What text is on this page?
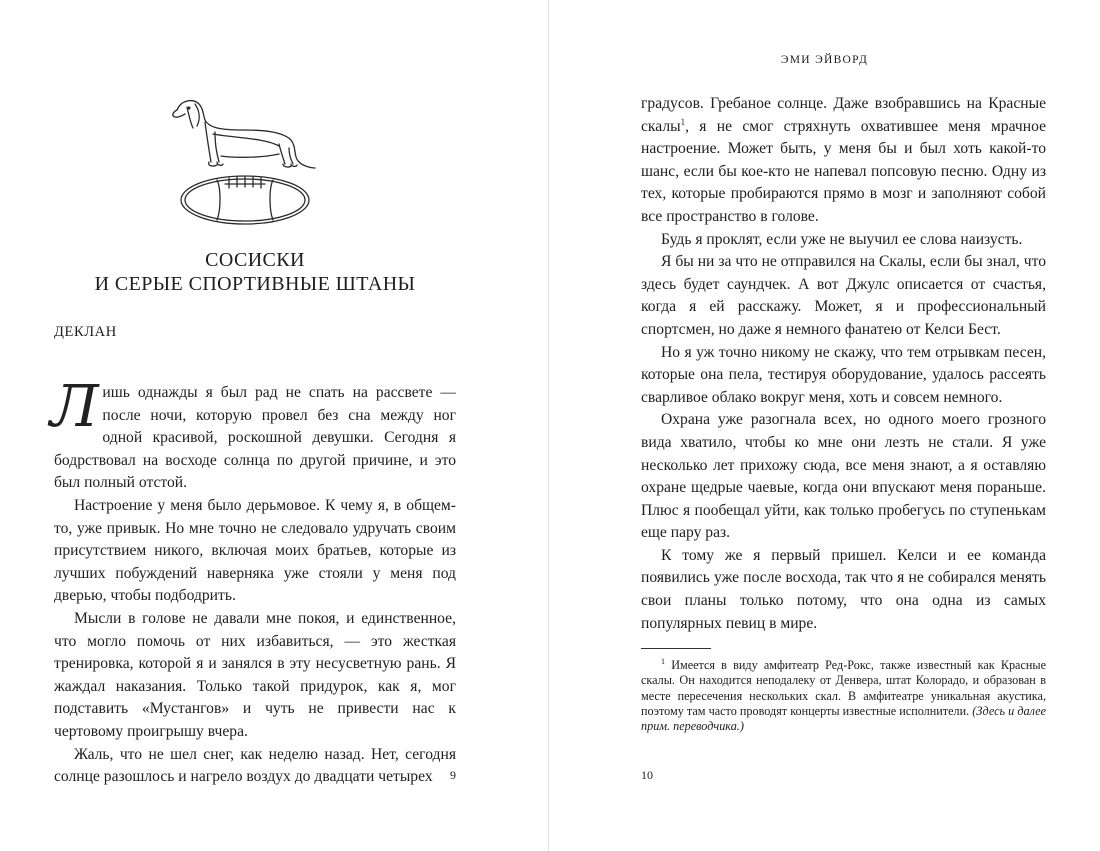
СОСИСКИ
И СЕРЫЕ СПОРТИВНЫЕ ШТАНЫ
ДЕКЛАН

Лишь однажды я был рад не спать на рассвете — после ночи, которую провел без сна между ног одной красивой, роскошной девушки. Сегодня я бодрствовал на восходе солнца по другой причине, и это был полный отстой.

Настроение у меня было дерьмовое. К чему я, в общем-то, уже привык. Но мне точно не следовало удручать своим присутствием никого, включая моих братьев, которые из лучших побуждений наверняка уже стояли у меня под дверью, чтобы подбодрить.

Мысли в голове не давали мне покоя, и единственное, что могло помочь от них избавиться, — это жесткая тренировка, которой я и занялся в эту несусветную рань. Я жаждал наказания. Только такой придурок, как я, мог подставить «Мустангов» и чуть не привести нас к чертовому проигрышу вчера.

Жаль, что не шел снег, как неделю назад. Нет, сегодня солнце разошлось и нагрело воздух до двадцати четырех	9
ЭМИ ЭЙВОРД

градусов. Гребаное солнце. Даже взобравшись на Красные скалы$^1$, я не смог стряхнуть охватившее меня мрачное настроение. Может быть, у меня бы и был хоть какой-то шанс, если бы кое-кто не напевал попсовую песню. Одну из тех, которые пробираются прямо в мозг и заполняют собой все пространство в голове.

Будь я проклят, если уже не выучил ее слова наизусть.

Я бы ни за что не отправился на Скалы, если бы знал, что здесь будет саундчек. А вот Джулс описается от счастья, когда я ей расскажу. Может, я и профессиональный спортсмен, но даже я немного фанатею от Келси Бест.

Но я уж точно никому не скажу, что тем отрывкам песен, которые она пела, тестируя оборудование, удалось рассеять сварливое облако вокруг меня, хоть и совсем немного.

Охрана уже разогнала всех, но одного моего грозного вида хватило, чтобы ко мне они лезть не стали. Я уже несколько лет прихожу сюда, все меня знают, а я оставляю охране щедрые чаевые, когда они впускают меня пораньше. Плюс я пообещал уйти, как только пробегусь по ступенькам еще пару раз.

К тому же я первый пришел. Келси и ее команда появились уже после восхода, так что я не собирался менять свои планы только потому, что она одна из самых популярных певиц в мире.

$^1$ Имеется в виду амфитеатр Ред-Рокс, также известный как Красные скалы. Он находится неподалеку от Денвера, штат Колорадо, и образован в месте пересечения нескольких скал. В амфитеатре уникальная акустика, поэтому там часто проводят концерты известные исполнители. (Здесь и далее прим. переводчика.)

10
